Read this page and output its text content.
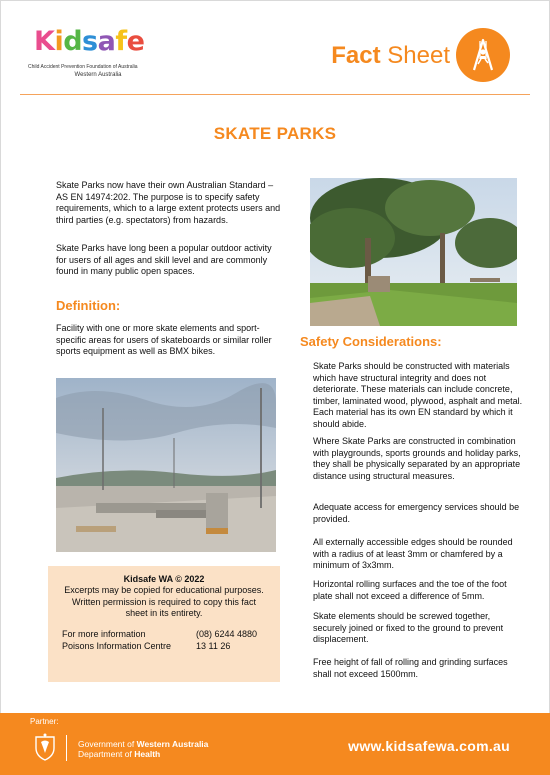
Kidsafe
Child Accident Prevention Foundation of Australia
Western Australia
Fact Sheet
SKATE PARKS

Skate Parks now have their own Australian Standard – AS EN 14974:202. The purpose is to specify safety requirements, which to a large extent protects users and third parties (e.g. spectators) from hazards.

Skate Parks have long been a popular outdoor activity for users of all ages and skill level and are commonly found in many public open spaces.

Definition:

Facility with one or more skate elements and sport-specific areas for users of skateboards or similar roller sports equipment as well as BMX bikes.

Kidsafe WA © 2022
Excerpts may be copied for educational purposes. Written permission is required to copy this fact sheet in its entirety.
For more information	(08) 6244 4880
Poisons Information Centre	13 11 26
Safety Considerations:

Skate Parks should be constructed with materials which have structural integrity and does not deteriorate. These materials can include concrete, timber, laminated wood, plywood, asphalt and metal. Each material has its own EN standard by which it should abide.

Where Skate Parks are constructed in combination with playgrounds, sports grounds and holiday parks, they shall be physically separated by an appropriate distance using structural measures.

Adequate access for emergency services should be provided.

All externally accessible edges should be rounded with a radius of at least 3mm or chamfered by a minimum of 3x3mm.

Horizontal rolling surfaces and the toe of the foot plate shall not exceed a difference of 5mm.

Skate elements should be screwed together, securely joined or fixed to the ground to prevent displacement.

Free height of fall of rolling and grinding surfaces shall not exceed 1500mm.

Partner:
Government of Western Australia
Department of Health	www.kidsafewa.com.au
